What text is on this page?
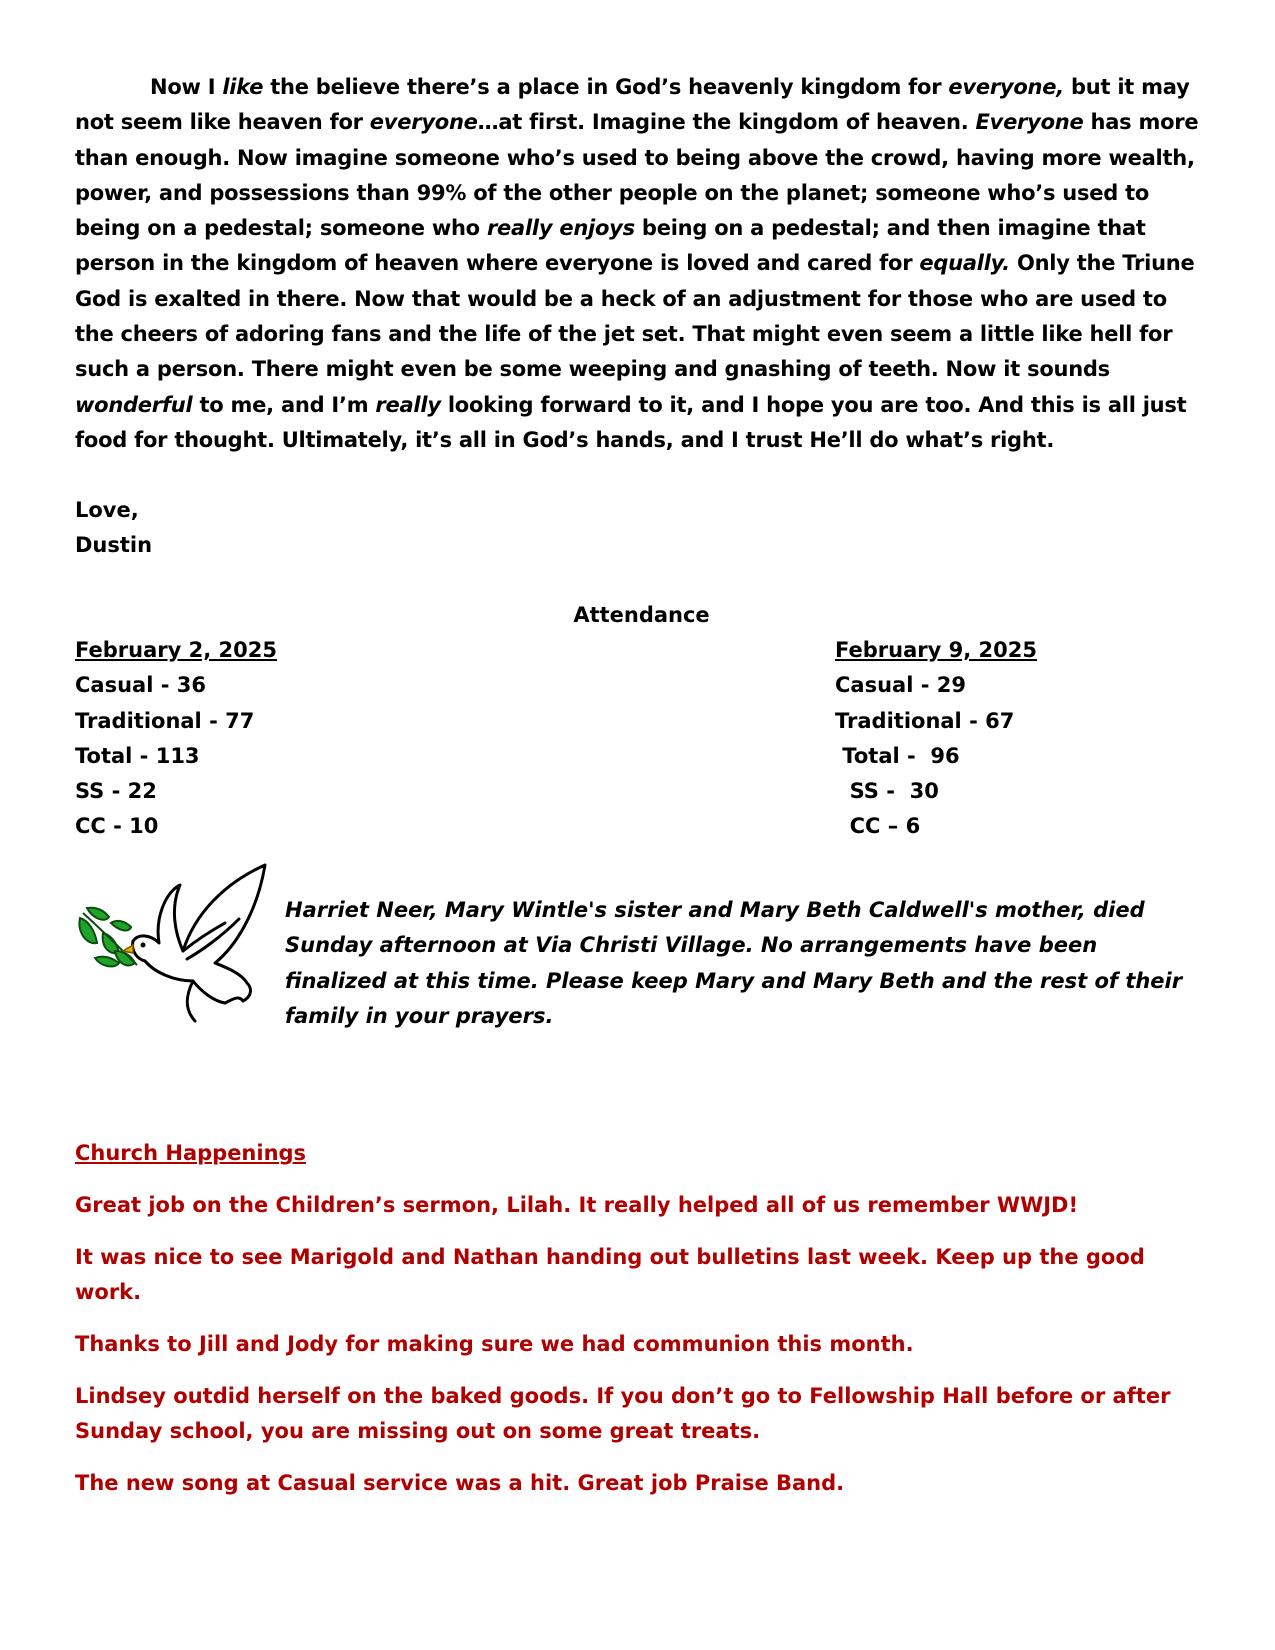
Now I like the believe there’s a place in God’s heavenly kingdom for everyone, but it may not seem like heaven for everyone…at first. Imagine the kingdom of heaven. Everyone has more than enough. Now imagine someone who’s used to being above the crowd, having more wealth, power, and possessions than 99% of the other people on the planet; someone who’s used to being on a pedestal; someone who really enjoys being on a pedestal; and then imagine that person in the kingdom of heaven where everyone is loved and cared for equally. Only the Triune God is exalted in there. Now that would be a heck of an adjustment for those who are used to the cheers of adoring fans and the life of the jet set. That might even seem a little like hell for such a person. There might even be some weeping and gnashing of teeth. Now it sounds wonderful to me, and I’m really looking forward to it, and I hope you are too. And this is all just food for thought. Ultimately, it’s all in God’s hands, and I trust He’ll do what’s right.

Love,
Dustin
Attendance
February 2, 2025
Casual - 36
Traditional - 77
Total - 113
SS - 22
CC - 10
February 9, 2025
Casual - 29
Traditional - 67
Total -  96
SS -  30
CC – 6
Harriet Neer, Mary Wintle's sister and Mary Beth Caldwell's mother, died Sunday afternoon at Via Christi Village. No arrangements have been finalized at this time. Please keep Mary and Mary Beth and the rest of their family in your prayers.
Church Happenings
Great job on the Children’s sermon, Lilah. It really helped all of us remember WWJD!
It was nice to see Marigold and Nathan handing out bulletins last week. Keep up the good work.
Thanks to Jill and Jody for making sure we had communion this month.
Lindsey outdid herself on the baked goods. If you don’t go to Fellowship Hall before or after Sunday school, you are missing out on some great treats.
The new song at Casual service was a hit. Great job Praise Band.
